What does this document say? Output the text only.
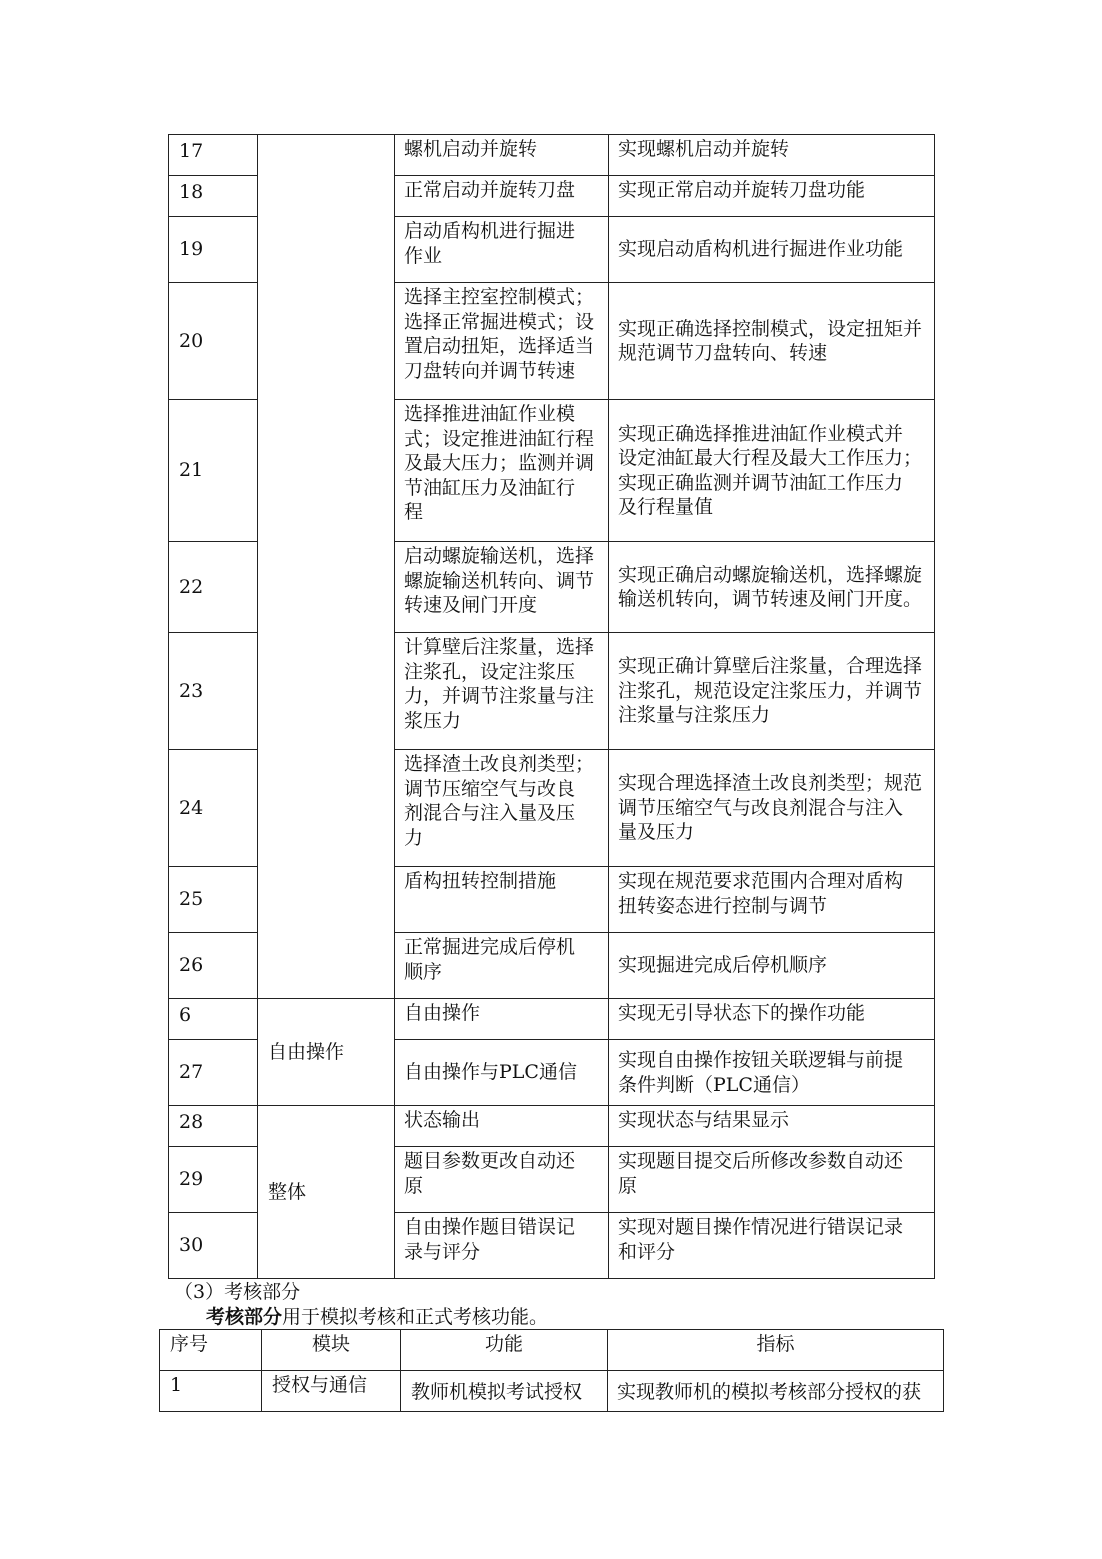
17		螺机启动并旋转	实现螺机启动并旋转
18		正常启动并旋转刀盘	实现正常启动并旋转刀盘功能
19		启动盾构机进行掘进
作业	实现启动盾构机进行掘进作业功能
20		选择主控室控制模式；
选择正常掘进模式；设
置启动扭矩，选择适当
刀盘转向并调节转速	实现正确选择控制模式，设定扭矩并
规范调节刀盘转向、转速
21		选择推进油缸作业模
式；设定推进油缸行程
及最大压力；监测并调
节油缸压力及油缸行
程	实现正确选择推进油缸作业模式并
设定油缸最大行程及最大工作压力；
实现正确监测并调节油缸工作压力
及行程量值
22		启动螺旋输送机，选择
螺旋输送机转向、调节
转速及闸门开度	实现正确启动螺旋输送机，选择螺旋
输送机转向，调节转速及闸门开度。
23		计算壁后注浆量，选择
注浆孔，设定注浆压
力，并调节注浆量与注
浆压力	实现正确计算壁后注浆量，合理选择
注浆孔，规范设定注浆压力，并调节
注浆量与注浆压力
24		选择渣土改良剂类型；
调节压缩空气与改良
剂混合与注入量及压
力	实现合理选择渣土改良剂类型；规范
调节压缩空气与改良剂混合与注入
量及压力
25		盾构扭转控制措施	实现在规范要求范围内合理对盾构
扭转姿态进行控制与调节
26		正常掘进完成后停机
顺序	实现掘进完成后停机顺序
6	自由操作	自由操作	实现无引导状态下的操作功能
27		自由操作与PLC通信	实现自由操作按钮关联逻辑与前提
条件判断（PLC通信）
28	整体	状态输出	实现状态与结果显示
29		题目参数更改自动还
原	实现题目提交后所修改参数自动还
原
30		自由操作题目错误记
录与评分	实现对题目操作情况进行错误记录
和评分
（3）考核部分
考核部分用于模拟考核和正式考核功能。
序号	模块	功能	指标
1	授权与通信	教师机模拟考试授权	实现教师机的模拟考核部分授权的获
